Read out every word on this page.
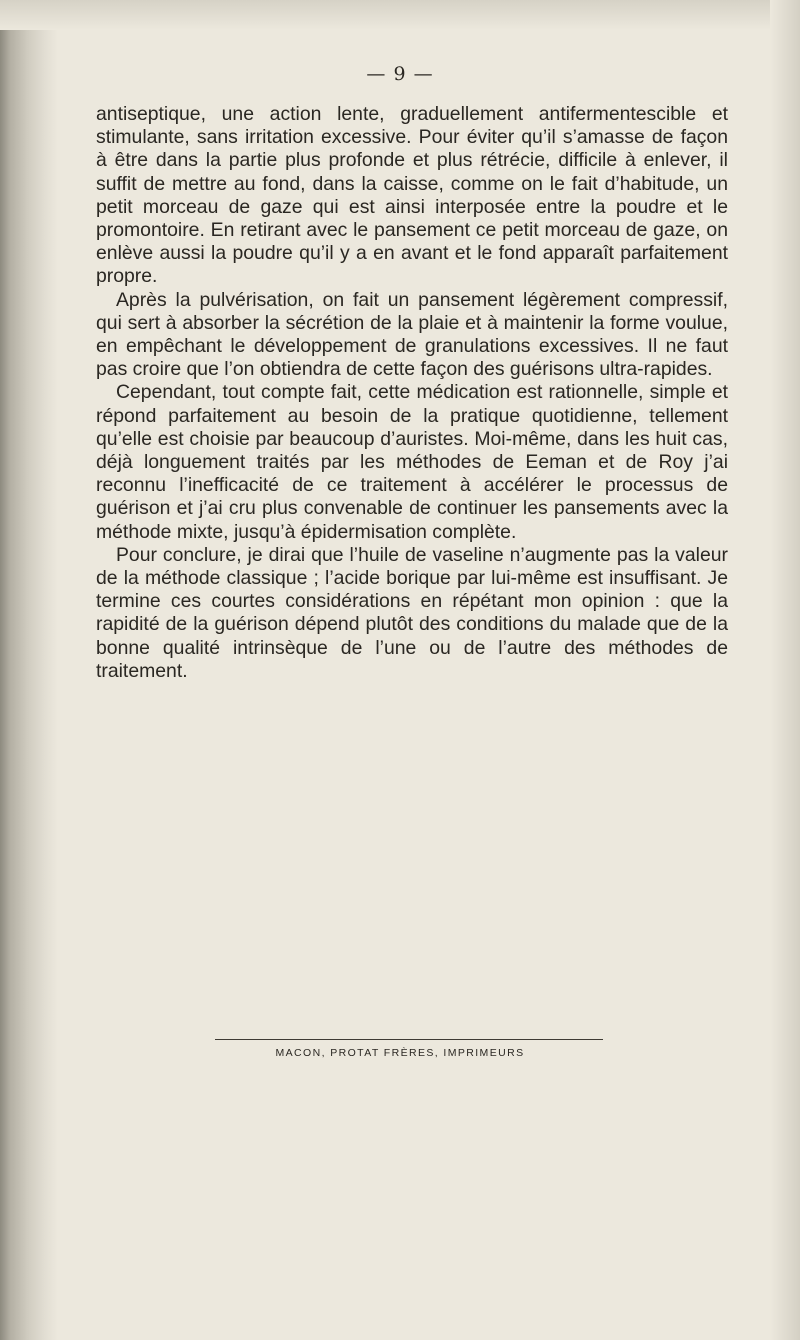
— 9 —

antiseptique, une action lente, graduellement antifermentescible et stimulante, sans irritation excessive. Pour éviter qu’il s’amasse de façon à être dans la partie plus profonde et plus rétrécie, difficile à enlever, il suffit de mettre au fond, dans la caisse, comme on le fait d’habitude, un petit morceau de gaze qui est ainsi interposée entre la poudre et le promontoire. En retirant avec le pansement ce petit morceau de gaze, on enlève aussi la poudre qu’il y a en avant et le fond apparaît parfaitement propre.

Après la pulvérisation, on fait un pansement légèrement compressif, qui sert à absorber la sécrétion de la plaie et à maintenir la forme voulue, en empêchant le développement de granulations excessives. Il ne faut pas croire que l’on obtiendra de cette façon des guérisons ultra-rapides.

Cependant, tout compte fait, cette médication est rationnelle, simple et répond parfaitement au besoin de la pratique quotidienne, tellement qu’elle est choisie par beaucoup d’auristes. Moi-même, dans les huit cas, déjà longuement traités par les méthodes de Eeman et de Roy j’ai reconnu l’inefficacité de ce traitement à accélérer le processus de guérison et j’ai cru plus convenable de continuer les pansements avec la méthode mixte, jusqu’à épidermisation complète.

Pour conclure, je dirai que l’huile de vaseline n’augmente pas la valeur de la méthode classique ; l’acide borique par lui-même est insuffisant. Je termine ces courtes considérations en répétant mon opinion : que la rapidité de la guérison dépend plutôt des conditions du malade que de la bonne qualité intrinsèque de l’une ou de l’autre des méthodes de traitement.

MACON, PROTAT FRÈRES, IMPRIMEURS
